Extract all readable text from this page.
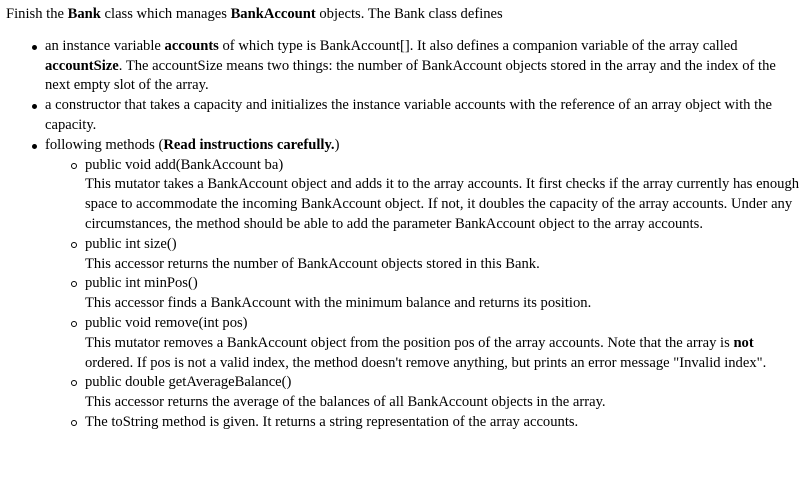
Finish the Bank class which manages BankAccount objects. The Bank class defines

an instance variable accounts of which type is BankAccount[]. It also defines a companion variable of the array called accountSize. The accountSize means two things: the number of BankAccount objects stored in the array and the index of the next empty slot of the array.
a constructor that takes a capacity and initializes the instance variable accounts with the reference of an array object with the capacity.
following methods (Read instructions carefully.)
public void add(BankAccount ba)
This mutator takes a BankAccount object and adds it to the array accounts. It first checks if the array currently has enough space to accommodate the incoming BankAccount object. If not, it doubles the capacity of the array accounts. Under any circumstances, the method should be able to add the parameter BankAccount object to the array accounts.
public int size()
This accessor returns the number of BankAccount objects stored in this Bank.
public int minPos()
This accessor finds a BankAccount with the minimum balance and returns its position.
public void remove(int pos)
This mutator removes a BankAccount object from the position pos of the array accounts. Note that the array is not ordered. If pos is not a valid index, the method doesn't remove anything, but prints an error message "Invalid index".
public double getAverageBalance()
This accessor returns the average of the balances of all BankAccount objects in the array.
The toString method is given. It returns a string representation of the array accounts.
